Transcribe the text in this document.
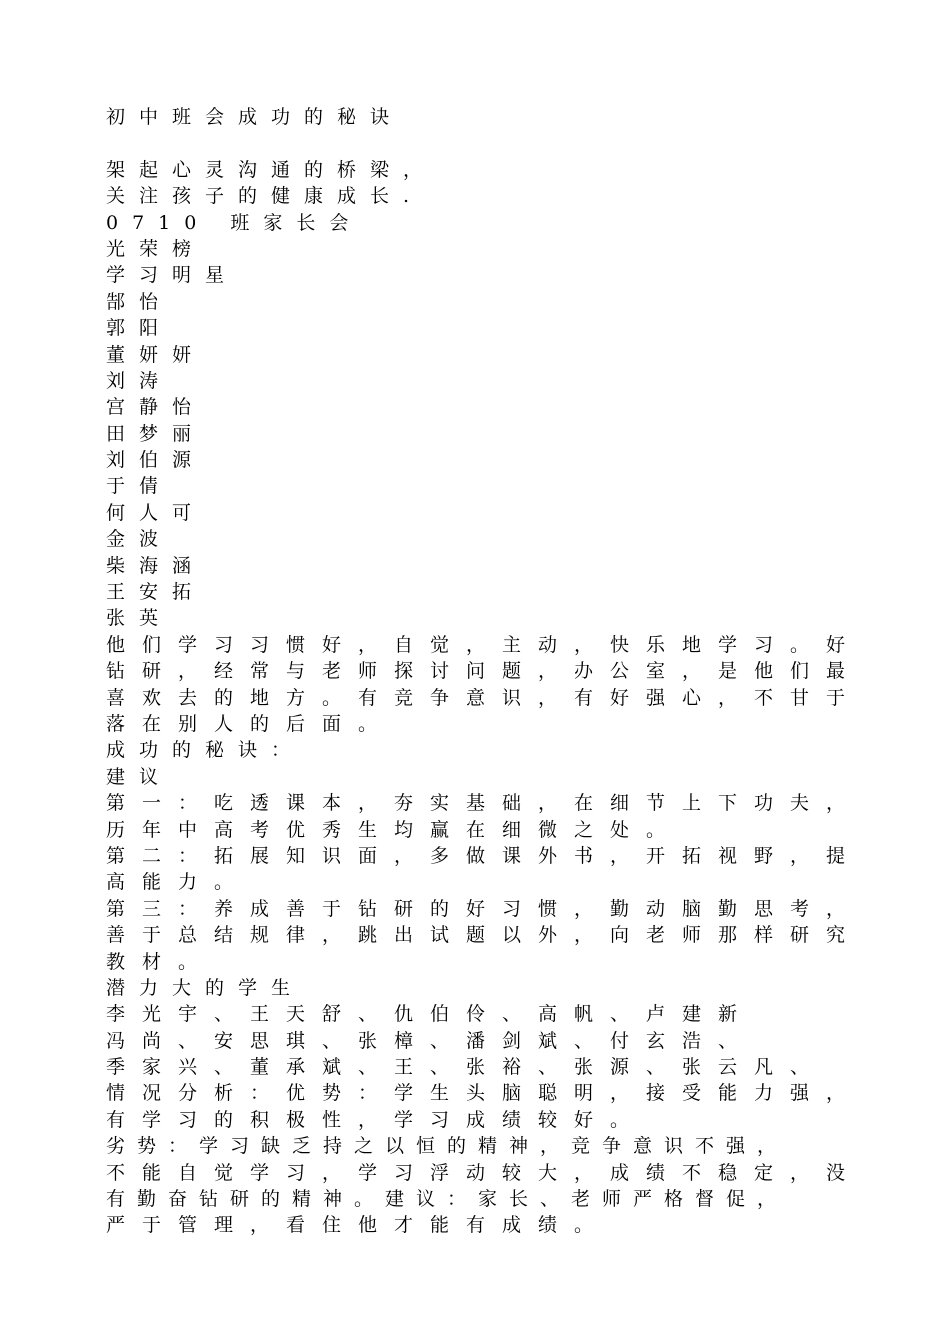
初中班会成功的秘诀
架起心灵沟通的桥梁，
关注孩子的健康成长.
0710 班家长会
光荣榜
学习明星
郜怡
郭阳
董妍妍
刘涛
宫静怡
田梦丽
刘伯源
于倩
何人可
金波
柴海涵
王安拓
张英
他们学习习惯好，自觉，主动，快乐地学习。好
钻研，经常与老师探讨问题，办公室，是他们最
喜欢去的地方。有竞争意识，有好强心，不甘于
落在别人的后面。
成功的秘诀：
建议
第一：吃透课本，夯实基础，在细节上下功夫，
历年中高考优秀生均赢在细微之处。
第二：拓展知识面，多做课外书，开拓视野，提
高能力。
第三：养成善于钻研的好习惯，勤动脑勤思考，
善于总结规律，跳出试题以外，向老师那样研究
教材。
潜力大的学生
李光宇、王天舒、仇伯伶、高帆、卢建新
冯尚、安思琪、张樟、潘剑斌、付玄浩、
季家兴、董承斌、王、张裕、张源、张云凡、
情况分析：优势：学生头脑聪明，接受能力强，
有学习的积极性，学习成绩较好。
劣势：学习缺乏持之以恒的精神，竞争意识不强，
不能自觉学习，学习浮动较大，成绩不稳定，没
有勤奋钻研的精神。建议：家长、老师严格督促，
严于管理，看住他才能有成绩。
